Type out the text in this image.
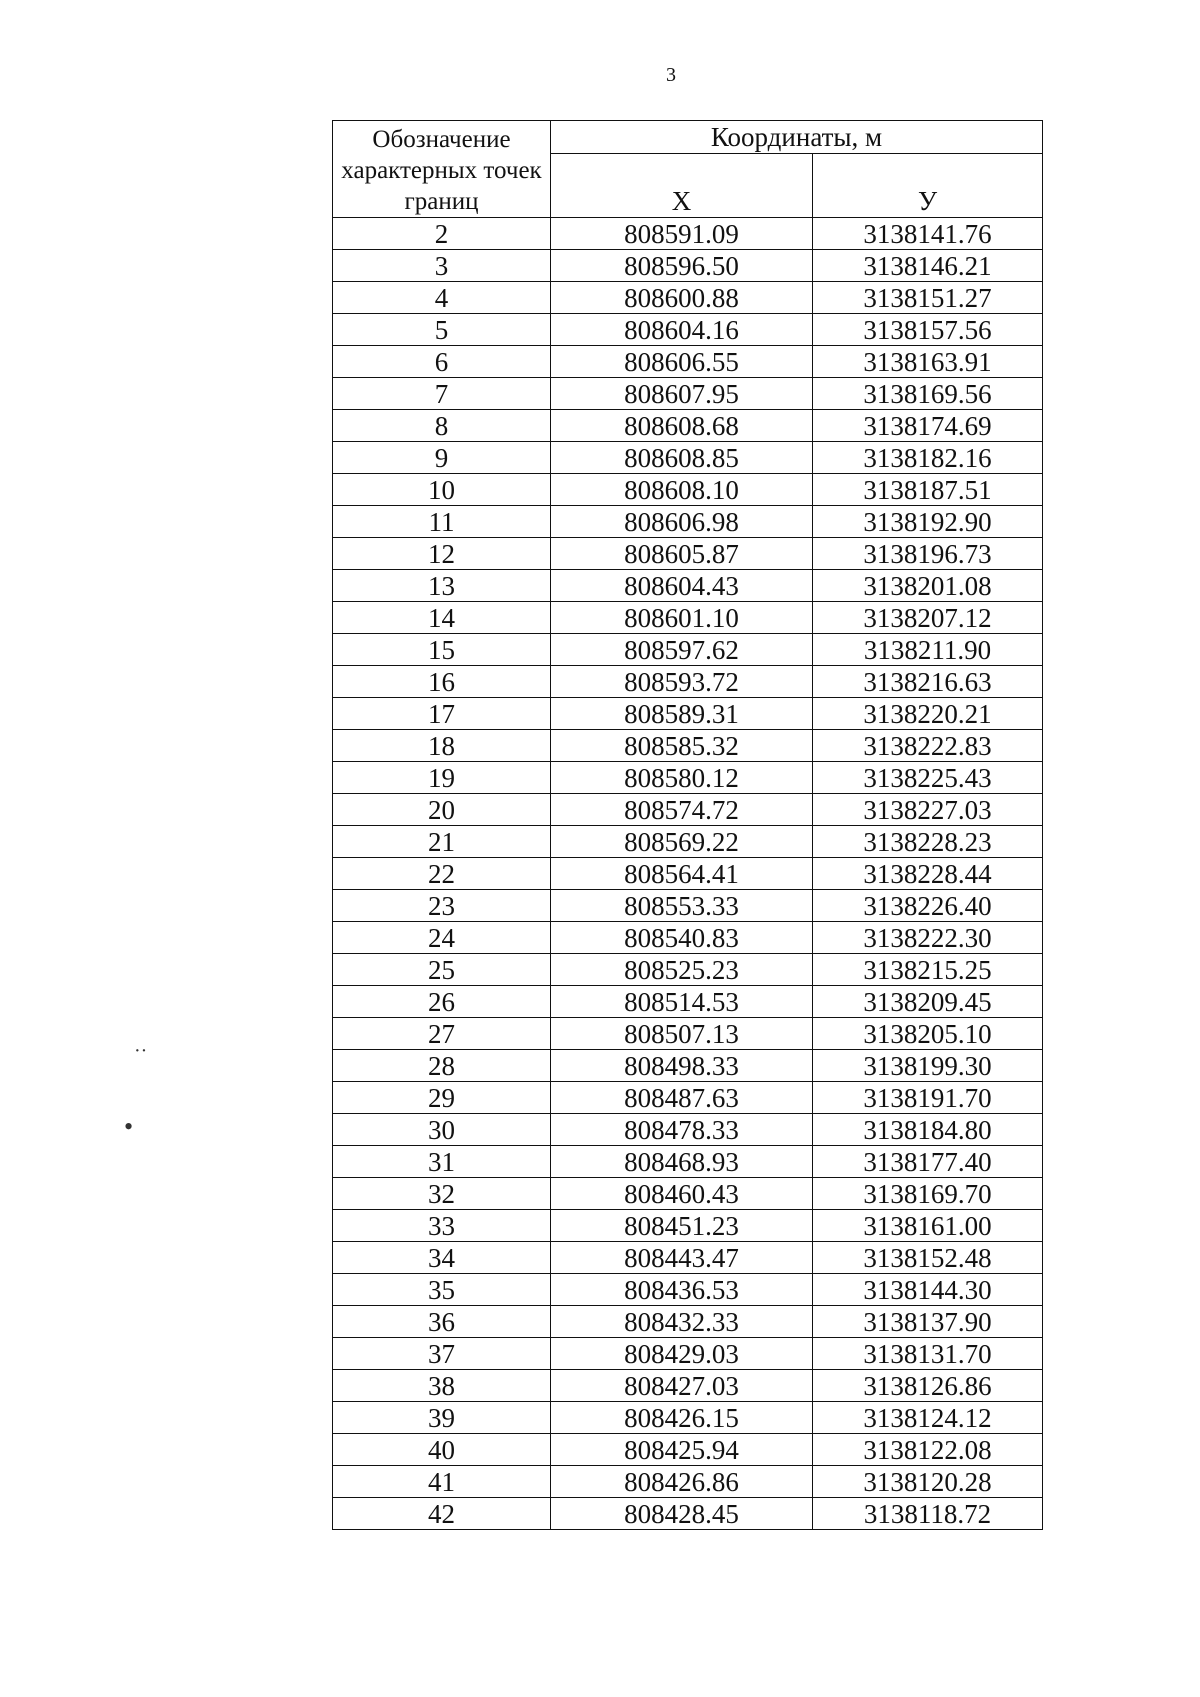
3
··
•
Обозначение характерных точек границ	Координаты, м	
	X	У
2	808591.09	3138141.76
3	808596.50	3138146.21
4	808600.88	3138151.27
5	808604.16	3138157.56
6	808606.55	3138163.91
7	808607.95	3138169.56
8	808608.68	3138174.69
9	808608.85	3138182.16
10	808608.10	3138187.51
11	808606.98	3138192.90
12	808605.87	3138196.73
13	808604.43	3138201.08
14	808601.10	3138207.12
15	808597.62	3138211.90
16	808593.72	3138216.63
17	808589.31	3138220.21
18	808585.32	3138222.83
19	808580.12	3138225.43
20	808574.72	3138227.03
21	808569.22	3138228.23
22	808564.41	3138228.44
23	808553.33	3138226.40
24	808540.83	3138222.30
25	808525.23	3138215.25
26	808514.53	3138209.45
27	808507.13	3138205.10
28	808498.33	3138199.30
29	808487.63	3138191.70
30	808478.33	3138184.80
31	808468.93	3138177.40
32	808460.43	3138169.70
33	808451.23	3138161.00
34	808443.47	3138152.48
35	808436.53	3138144.30
36	808432.33	3138137.90
37	808429.03	3138131.70
38	808427.03	3138126.86
39	808426.15	3138124.12
40	808425.94	3138122.08
41	808426.86	3138120.28
42	808428.45	3138118.72
